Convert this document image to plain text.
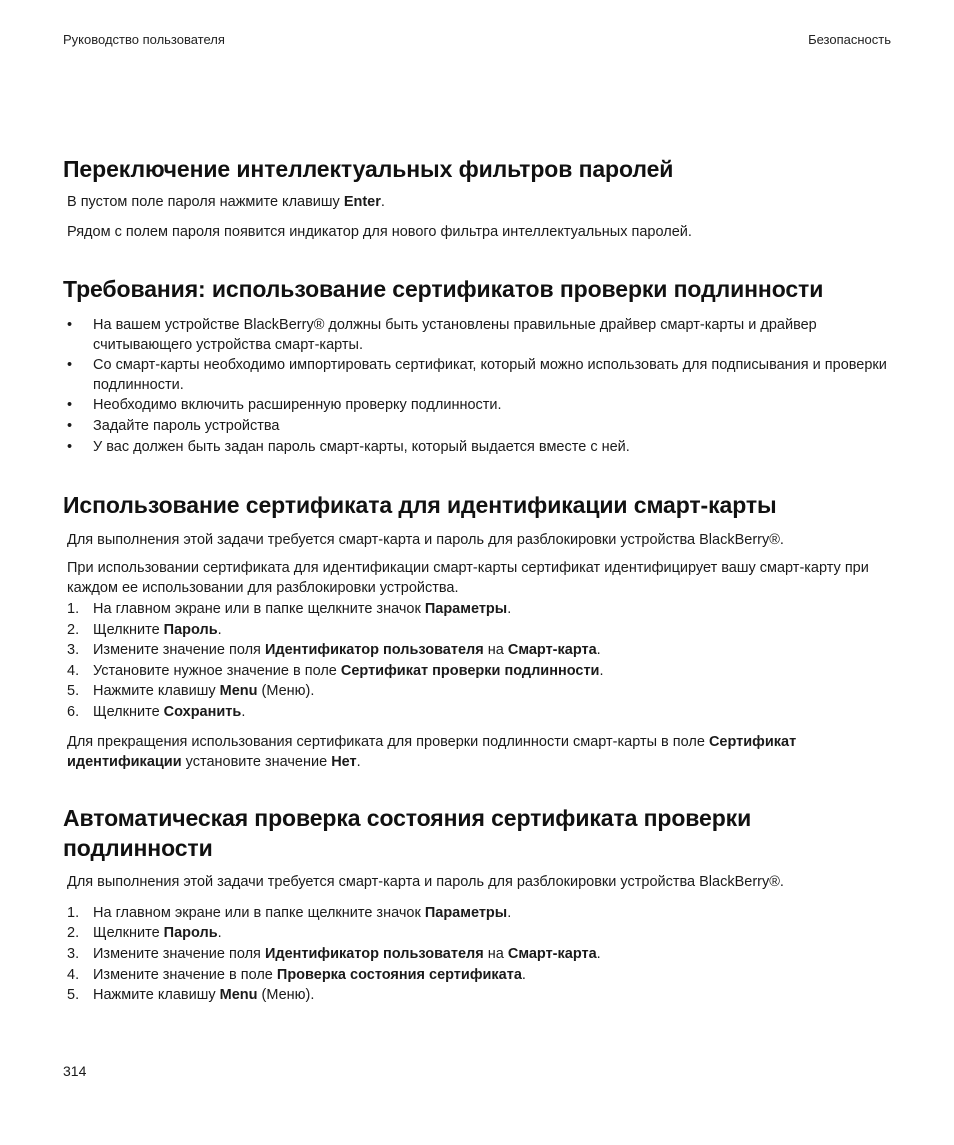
Руководство пользователя	Безопасность
Переключение интеллектуальных фильтров паролей

В пустом поле пароля нажмите клавишу Enter.

Рядом с полем пароля появится индикатор для нового фильтра интеллектуальных паролей.

Требования: использование сертификатов проверки подлинности
• На вашем устройстве BlackBerry® должны быть установлены правильные драйвер смарт-карты и драйвер считывающего устройства смарт-карты.
• Со смарт-карты необходимо импортировать сертификат, который можно использовать для подписывания и проверки подлинности.
• Необходимо включить расширенную проверку подлинности.
• Задайте пароль устройства
• У вас должен быть задан пароль смарт-карты, который выдается вместе с ней.
Использование сертификата для идентификации смарт-карты

Для выполнения этой задачи требуется смарт-карта и пароль для разблокировки устройства BlackBerry®.

При использовании сертификата для идентификации смарт-карты сертификат идентифицирует вашу смарт-карту при каждом ее использовании для разблокировки устройства.

1. На главном экране или в папке щелкните значок Параметры.
2. Щелкните Пароль.
3. Измените значение поля Идентификатор пользователя на Смарт-карта.
4. Установите нужное значение в поле Сертификат проверки подлинности.
5. Нажмите клавишу Menu (Меню).
6. Щелкните Сохранить.

Для прекращения использования сертификата для проверки подлинности смарт-карты в поле Сертификат идентификации установите значение Нет.

Автоматическая проверка состояния сертификата проверки
подлинности

Для выполнения этой задачи требуется смарт-карта и пароль для разблокировки устройства BlackBerry®.

1. На главном экране или в папке щелкните значок Параметры.
2. Щелкните Пароль.
3. Измените значение поля Идентификатор пользователя на Смарт-карта.
4. Измените значение в поле Проверка состояния сертификата.
5. Нажмите клавишу Menu (Меню).
314
